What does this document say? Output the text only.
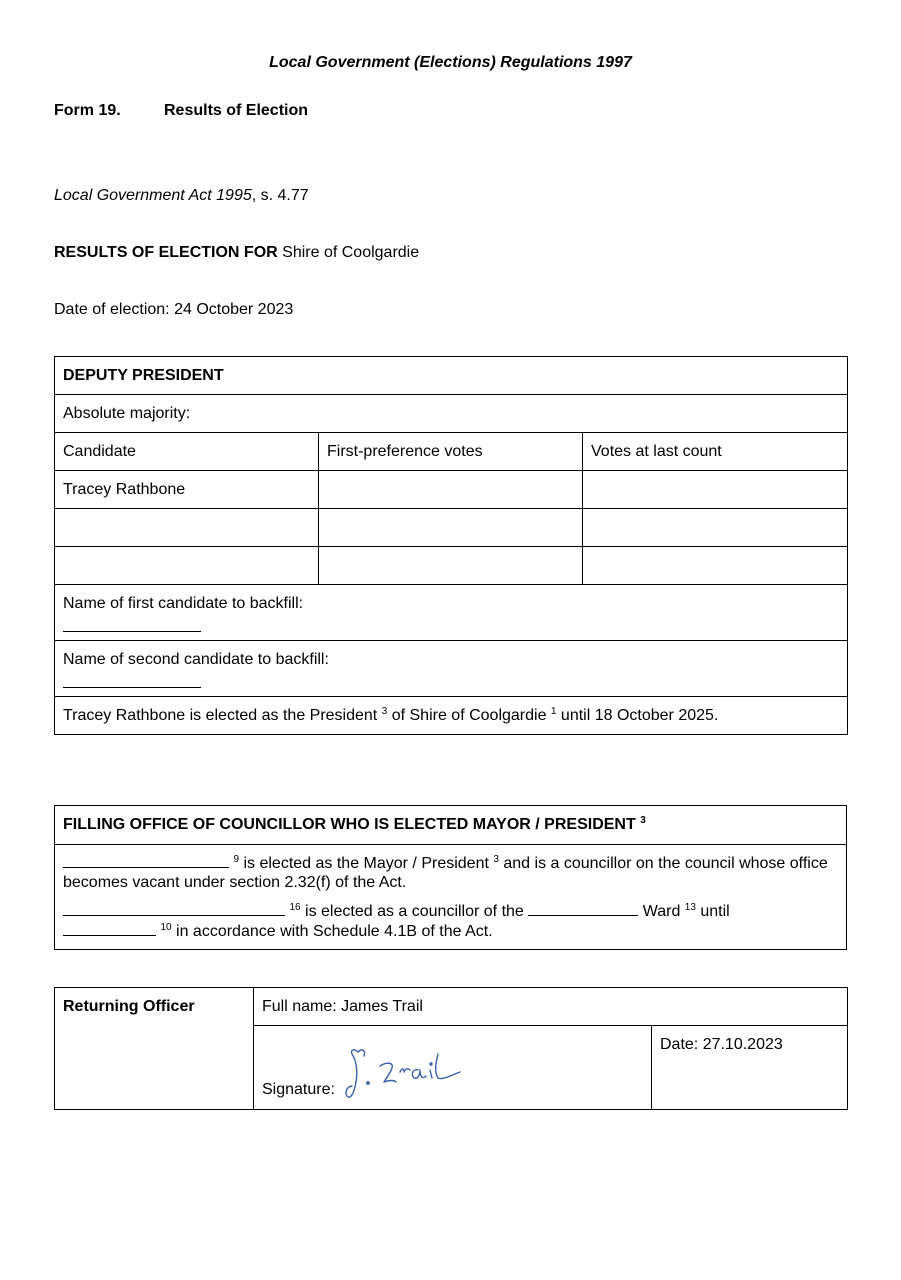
Local Government (Elections) Regulations 1997
Form 19.	Results of Election
Local Government Act 1995, s. 4.77
RESULTS OF ELECTION FOR Shire of Coolgardie
Date of election: 24 October 2023
DEPUTY PRESIDENT		
Absolute majority:		
Candidate	First-preference votes	Votes at last count
Tracey Rathbone		

Name of first candidate to backfill:		

Name of second candidate to backfill:		

Tracey Rathbone is elected as the President $^3$ of Shire of Coolgardie $^1$ until 18 October 2025.		
FILLING OFFICE OF COUNCILLOR WHO IS ELECTED MAYOR / PRESIDENT $^3$

$^9$ is elected as the Mayor / President $^3$ and is a councillor on the council whose office becomes vacant under section 2.32(f) of the Act.

$^{16}$ is elected as a councillor of the	Ward $^{13}$ until
$^{10}$ in accordance with Schedule 4.1B of the Act.

Returning Officer	Full name: James Trail	

	Signature:	Date: 27.10.2023
